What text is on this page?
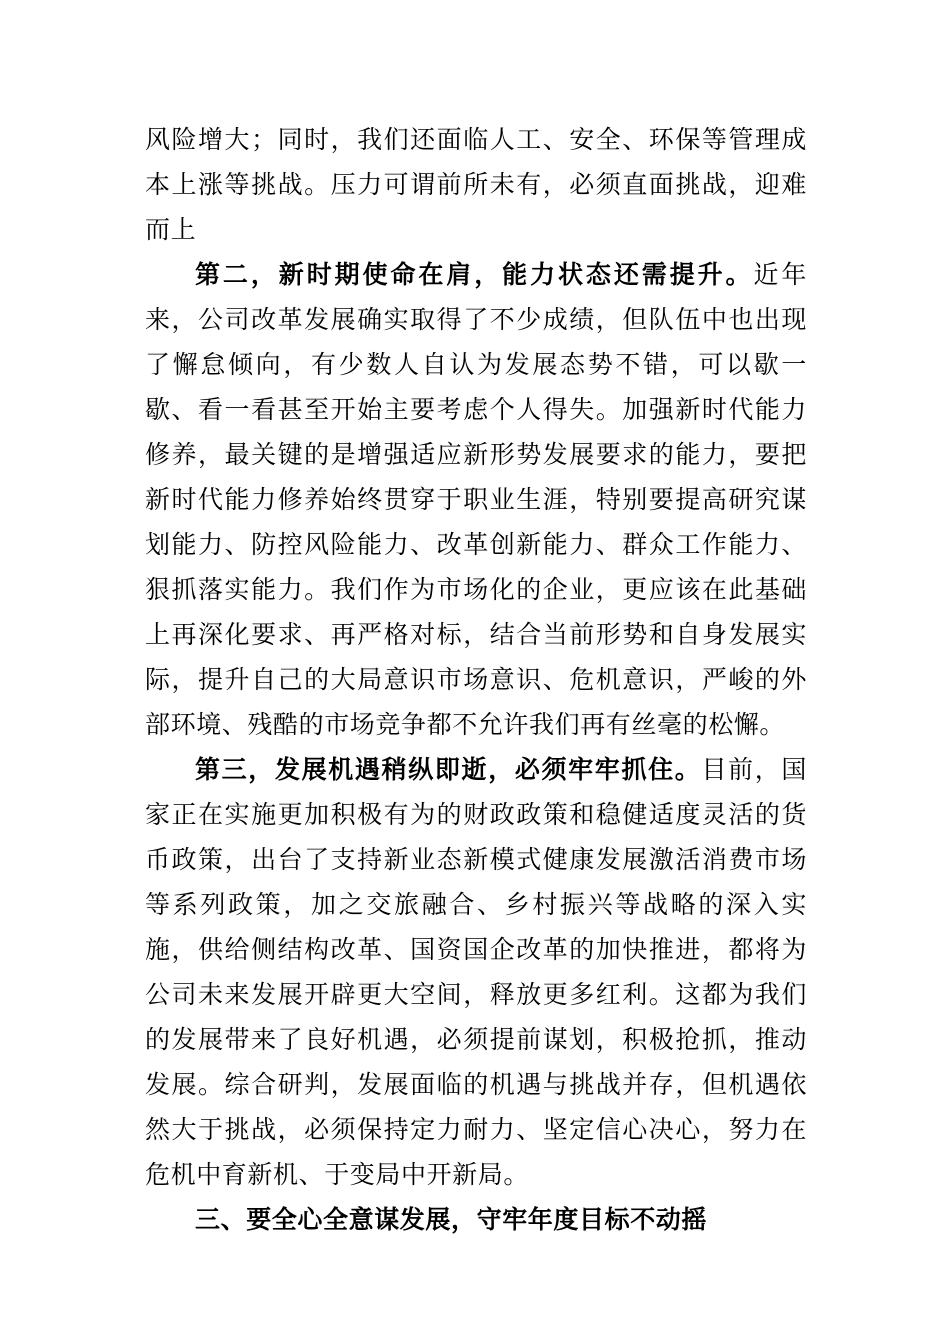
风险增大；同时，我们还面临人工、安全、环保等管理成本上涨等挑战。压力可谓前所未有，必须直面挑战，迎难而上

第二，新时期使命在肩，能力状态还需提升。近年来，公司改革发展确实取得了不少成绩，但队伍中也出现了懈怠倾向，有少数人自认为发展态势不错，可以歇一歇、看一看甚至开始主要考虑个人得失。加强新时代能力修养，最关键的是增强适应新形势发展要求的能力，要把新时代能力修养始终贯穿于职业生涯，特别要提高研究谋划能力、防控风险能力、改革创新能力、群众工作能力、狠抓落实能力。我们作为市场化的企业，更应该在此基础上再深化要求、再严格对标，结合当前形势和自身发展实际，提升自己的大局意识市场意识、危机意识，严峻的外部环境、残酷的市场竞争都不允许我们再有丝毫的松懈。

第三，发展机遇稍纵即逝，必须牢牢抓住。目前，国家正在实施更加积极有为的财政政策和稳健适度灵活的货币政策，出台了支持新业态新模式健康发展激活消费市场等系列政策，加之交旅融合、乡村振兴等战略的深入实施，供给侧结构改革、国资国企改革的加快推进，都将为公司未来发展开辟更大空间，释放更多红利。这都为我们的发展带来了良好机遇，必须提前谋划，积极抢抓，推动发展。综合研判，发展面临的机遇与挑战并存，但机遇依然大于挑战，必须保持定力耐力、坚定信心决心，努力在危机中育新机、于变局中开新局。

三、要全心全意谋发展，守牢年度目标不动摇
